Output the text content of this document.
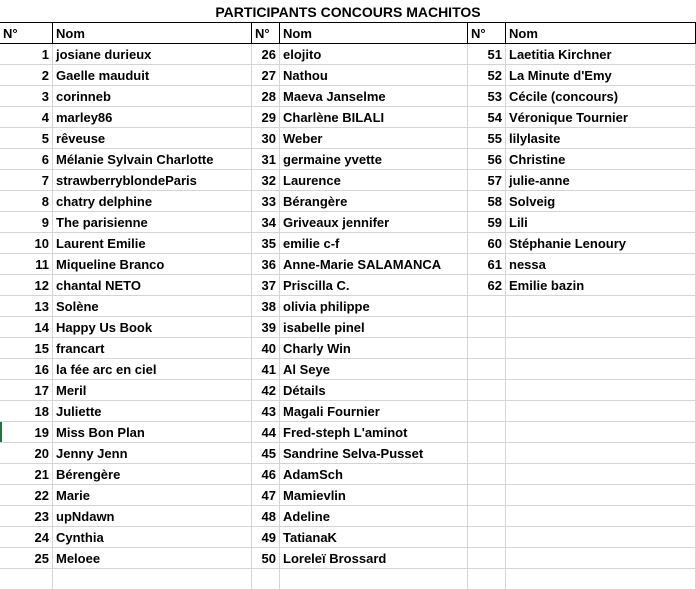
PARTICIPANTS CONCOURS MACHITOS
N°	Nom
1 josiane durieux
2 Gaelle mauduit
3 corinneb
4 marley86
5 rêveuse
6 Mélanie Sylvain Charlotte
7 strawberryblondeParis
8 chatry delphine
9 The parisienne
10 Laurent Emilie
11 Miqueline Branco
12 chantal NETO
13 Solène
14 Happy Us Book
15 francart
16 la fée arc en ciel
17 Meril
18 Juliette
19 Miss Bon Plan
20 Jenny Jenn
21 Bérengère
22 Marie
23 upNdawn
24 Cynthia
25 Meloee
N°	Nom
26 elojito
27 Nathou
28 Maeva Janselme
29 Charlène BILALI
30 Weber
31 germaine yvette
32 Laurence
33 Bérangère
34 Griveaux jennifer
35 emilie c-f
36 Anne-Marie SALAMANCA
37 Priscilla C.
38 olivia philippe
39 isabelle pinel
40 Charly Win
41 Al Seye
42 Détails
43 Magali Fournier
44 Fred-steph L'aminot
45 Sandrine Selva-Pusset
46 AdamSch
47 Mamievlin
48 Adeline
49 TatianaK
50 Loreleï Brossard
N°	Nom
51 Laetitia Kirchner
52 La Minute d'Emy
53 Cécile (concours)
54 Véronique Tournier
55 lilylasite
56 Christine
57 julie-anne
58 Solveig
59 Lili
60 Stéphanie Lenoury
61 nessa
62 Emilie bazin
